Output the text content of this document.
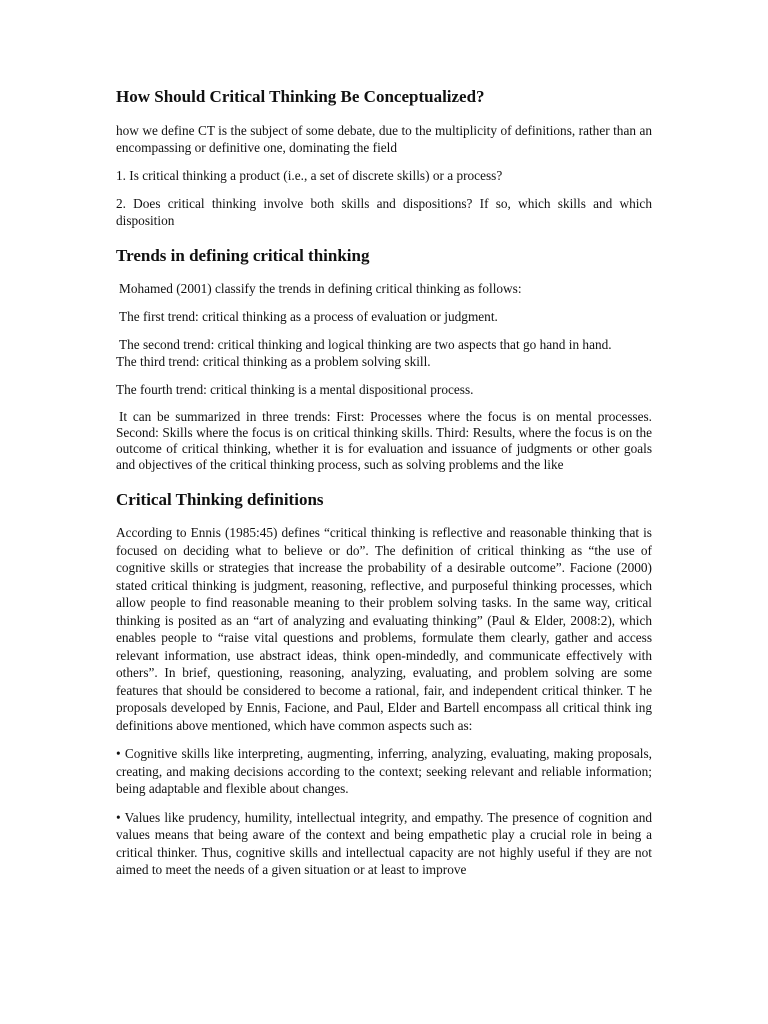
How Should Critical Thinking Be Conceptualized?

how we define CT is the subject of some debate, due to the multiplicity of definitions, rather than an encompassing or definitive one, dominating the field

1. Is critical thinking a product (i.e., a set of discrete skills) or a process?

2. Does critical thinking involve both skills and dispositions? If so, which skills and which disposition

Trends in defining critical thinking

Mohamed (2001) classify the trends in defining critical thinking as follows:

The first trend: critical thinking as a process of evaluation or judgment.

The second trend: critical thinking and logical thinking are two aspects that go hand in hand.

The third trend: critical thinking as a problem solving skill.

The fourth trend: critical thinking is a mental dispositional process.

It can be summarized in three trends: First: Processes where the focus is on mental processes. Second: Skills where the focus is on critical thinking skills. Third: Results, where the focus is on the outcome of critical thinking, whether it is for evaluation and issuance of judgments or other goals and objectives of the critical thinking process, such as solving problems and the like

Critical Thinking definitions

According to Ennis (1985:45) defines “critical thinking is reflective and reasonable thinking that is focused on deciding what to believe or do”. The definition of critical thinking as “the use of cognitive skills or strategies that increase the probability of a desirable outcome”. Facione (2000) stated critical thinking is judgment, reasoning, reflective, and purposeful thinking processes, which allow people to find reasonable meaning to their problem solving tasks. In the same way, critical thinking is posited as an “art of analyzing and evaluating thinking” (Paul & Elder, 2008:2), which enables people to “raise vital questions and problems, formulate them clearly, gather and access relevant information, use abstract ideas, think open-mindedly, and communicate effectively with others”. In brief, questioning, reasoning, analyzing, evaluating, and problem solving are some features that should be considered to become a rational, fair, and independent critical thinker. T he proposals developed by Ennis, Facione, and Paul, Elder and Bartell encompass all critical think ing definitions above mentioned, which have common aspects such as:

• Cognitive skills like interpreting, augmenting, inferring, analyzing, evaluating, making proposals, creating, and making decisions according to the context; seeking relevant and reliable information; being adaptable and flexible about changes.

• Values like prudency, humility, intellectual integrity, and empathy. The presence of cognition and values means that being aware of the context and being empathetic play a crucial role in being a critical thinker. Thus, cognitive skills and intellectual capacity are not highly useful if they are not aimed to meet the needs of a given situation or at least to improve
